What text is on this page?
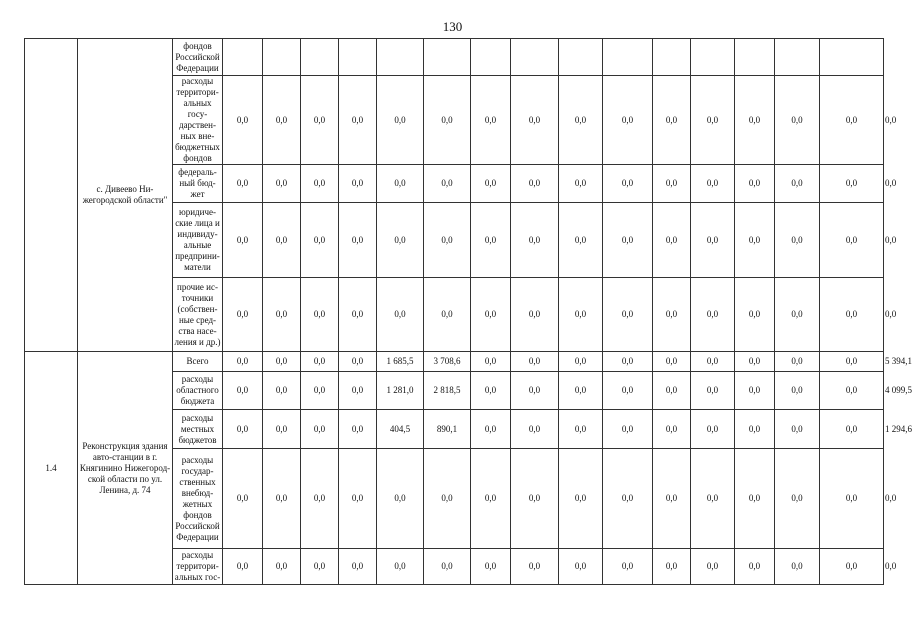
130
	с. Дивеево Ни-жегородской области"	фондов Российской Федерации																
		расходы территори-альных госу-дарствен-ных вне-бюджетных фондов	0,0	0,0	0,0	0,0	0,0	0,0	0,0	0,0	0,0	0,0	0,0	0,0	0,0	0,0	0,0	0,0
		федераль-ный бюд-жет	0,0	0,0	0,0	0,0	0,0	0,0	0,0	0,0	0,0	0,0	0,0	0,0	0,0	0,0	0,0	0,0
		юридиче-ские лица и индивиду-альные предприни-матели	0,0	0,0	0,0	0,0	0,0	0,0	0,0	0,0	0,0	0,0	0,0	0,0	0,0	0,0	0,0	0,0
		прочие ис-точники (собствен-ные сред-ства насе-ления и др.)	0,0	0,0	0,0	0,0	0,0	0,0	0,0	0,0	0,0	0,0	0,0	0,0	0,0	0,0	0,0	0,0
1.4	Реконструкция здания авто-станции в г. Княгинино Нижегород-ской области по ул. Ленина, д. 74	Всего	0,0	0,0	0,0	0,0	1 685,5	3 708,6	0,0	0,0	0,0	0,0	0,0	0,0	0,0	0,0	0,0	5 394,1
		расходы областного бюджета	0,0	0,0	0,0	0,0	1 281,0	2 818,5	0,0	0,0	0,0	0,0	0,0	0,0	0,0	0,0	0,0	4 099,5
		расходы местных бюджетов	0,0	0,0	0,0	0,0	404,5	890,1	0,0	0,0	0,0	0,0	0,0	0,0	0,0	0,0	0,0	1 294,6
		расходы государ-ственных внебюд-жетных фондов Российской Федерации	0,0	0,0	0,0	0,0	0,0	0,0	0,0	0,0	0,0	0,0	0,0	0,0	0,0	0,0	0,0	0,0
		расходы территори-альных гос-	0,0	0,0	0,0	0,0	0,0	0,0	0,0	0,0	0,0	0,0	0,0	0,0	0,0	0,0	0,0	0,0
